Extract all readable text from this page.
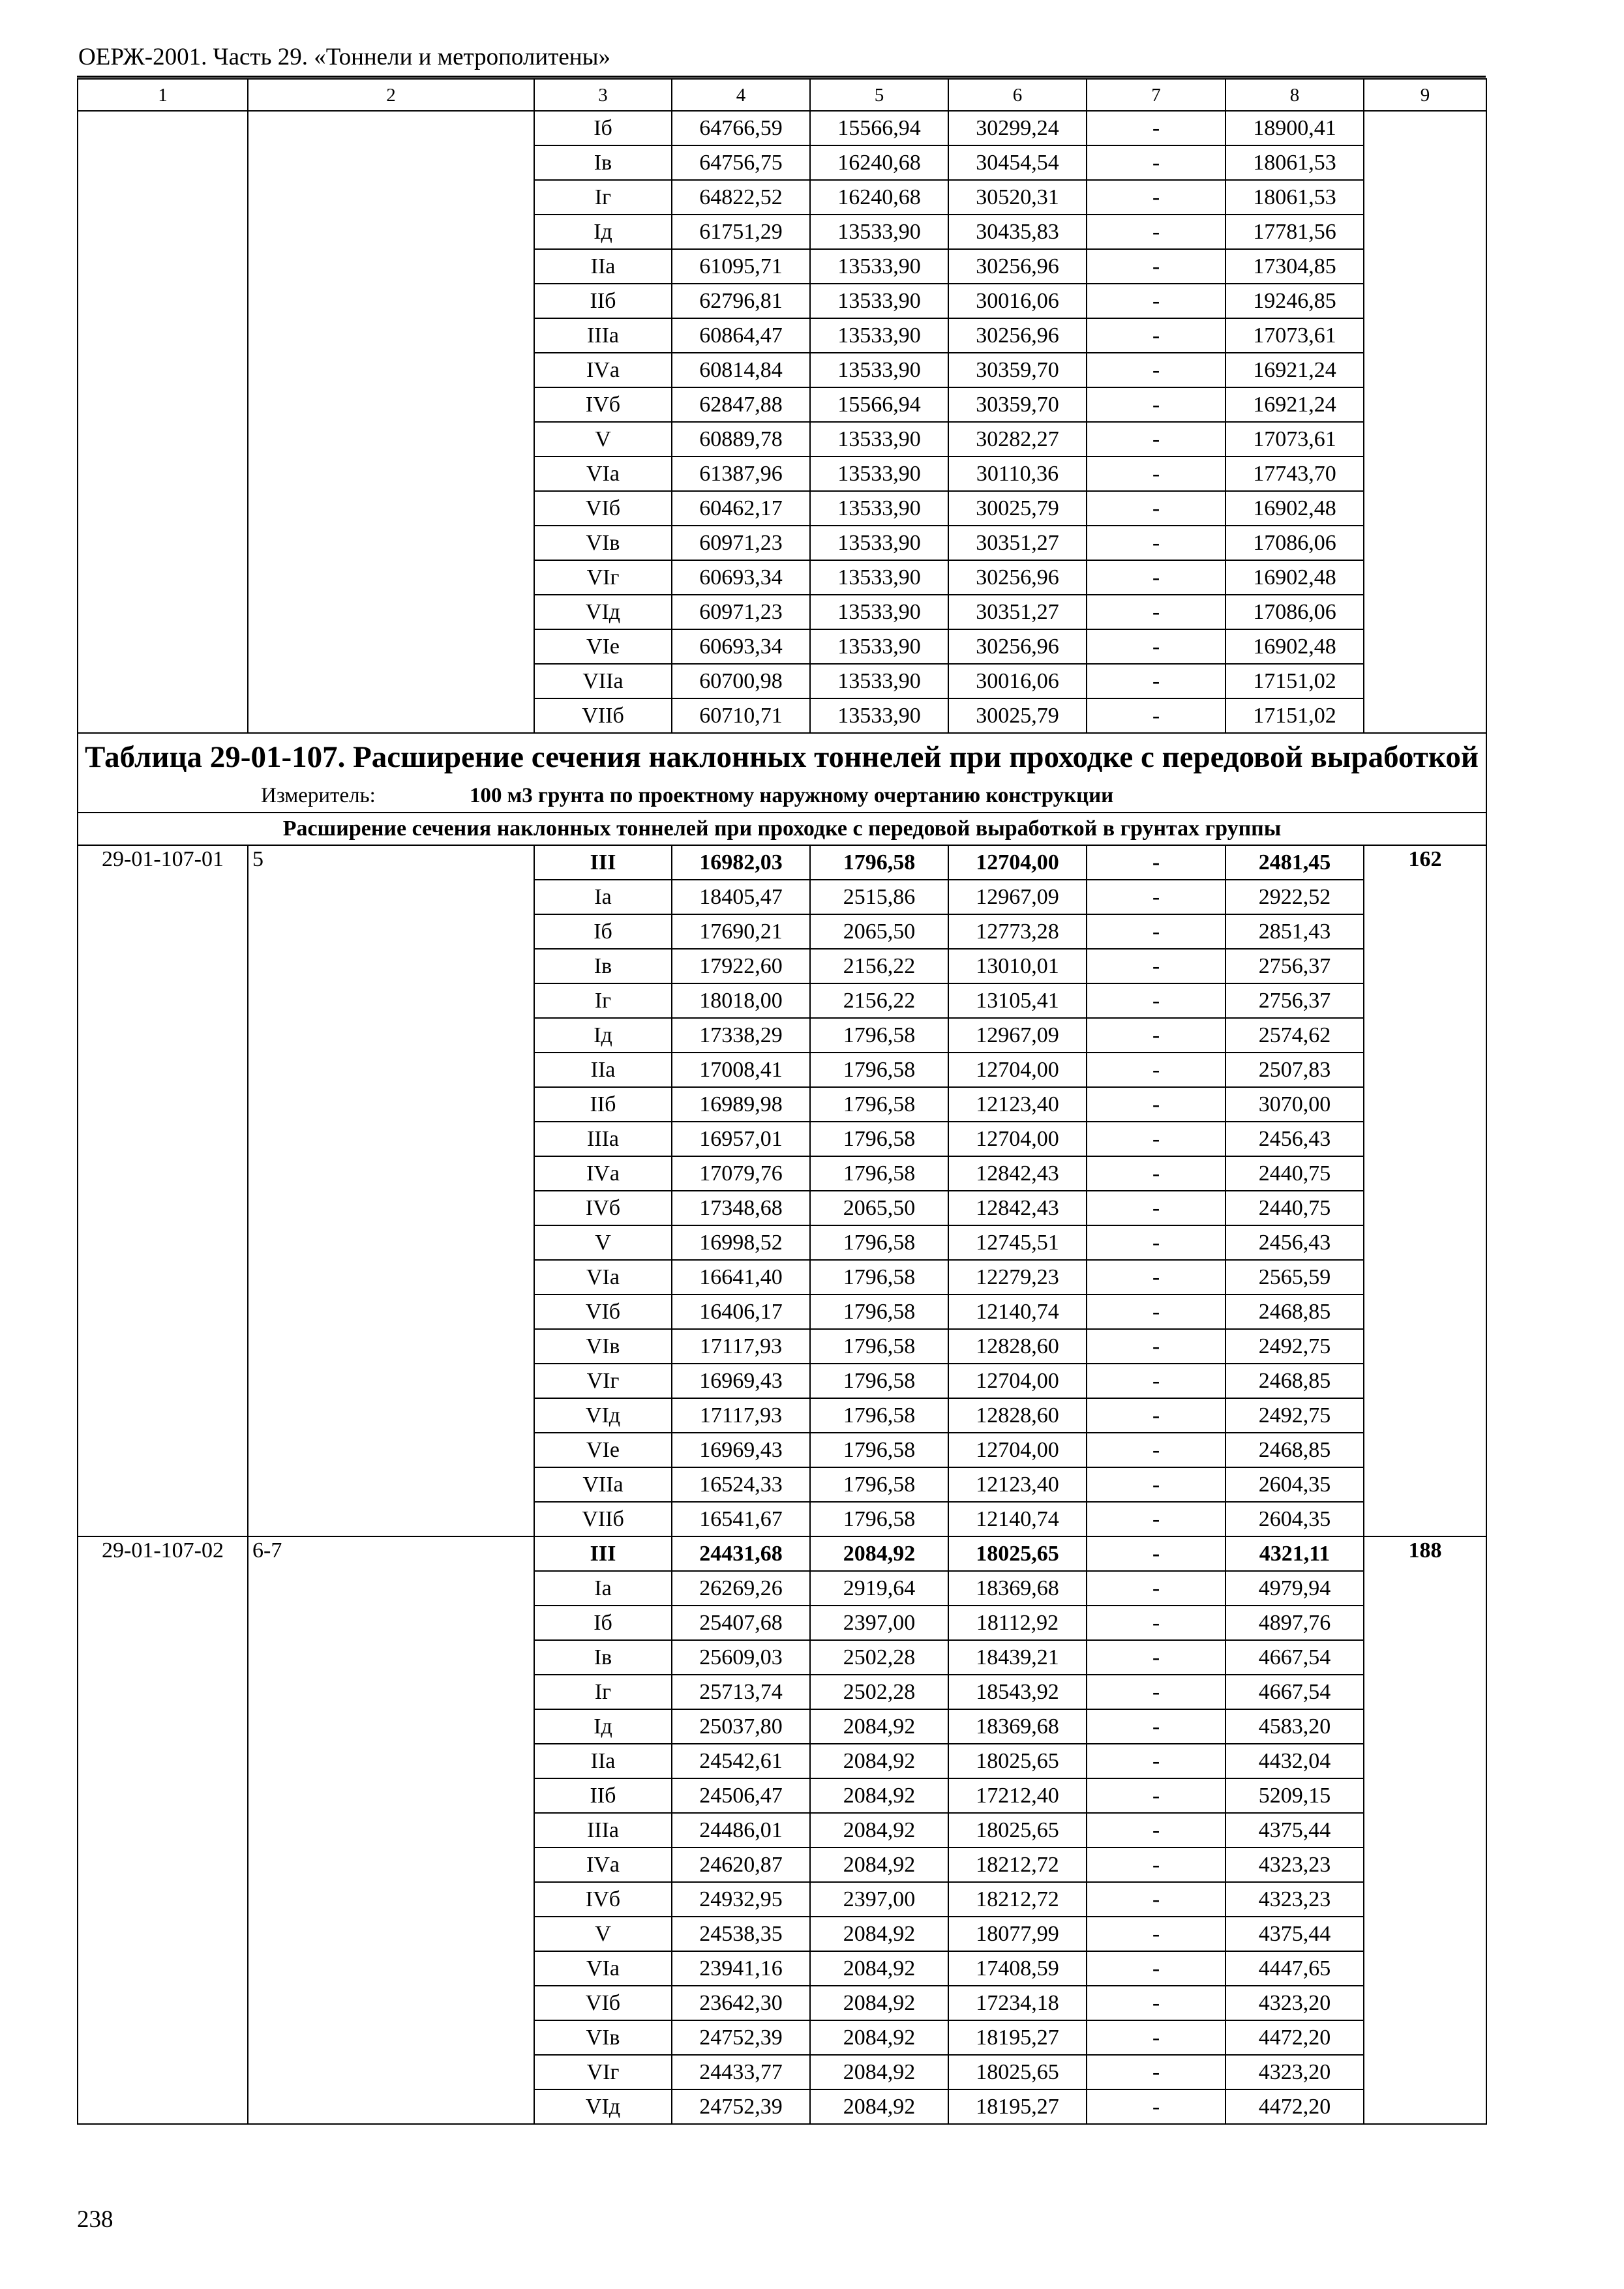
ОЕРЖ-2001. Часть 29. «Тоннели и метрополитены»
1	2	3	4	5	6	7	8	9
		Iб	64766,59	15566,94	30299,24	-	18900,41	
		Iв	64756,75	16240,68	30454,54	-	18061,53	
		Iг	64822,52	16240,68	30520,31	-	18061,53	
		Iд	61751,29	13533,90	30435,83	-	17781,56	
		IIа	61095,71	13533,90	30256,96	-	17304,85	
		IIб	62796,81	13533,90	30016,06	-	19246,85	
		IIIа	60864,47	13533,90	30256,96	-	17073,61	
		IVа	60814,84	13533,90	30359,70	-	16921,24	
		IVб	62847,88	15566,94	30359,70	-	16921,24	
		V	60889,78	13533,90	30282,27	-	17073,61	
		VIа	61387,96	13533,90	30110,36	-	17743,70	
		VIб	60462,17	13533,90	30025,79	-	16902,48	
		VIв	60971,23	13533,90	30351,27	-	17086,06	
		VIг	60693,34	13533,90	30256,96	-	16902,48	
		VIд	60971,23	13533,90	30351,27	-	17086,06	
		VIе	60693,34	13533,90	30256,96	-	16902,48	
		VIIа	60700,98	13533,90	30016,06	-	17151,02	
		VIIб	60710,71	13533,90	30025,79	-	17151,02	

Таблица 29-01-107. Расширение сечения наклонных тоннелей при проходке с передовой выработкой
Измеритель: 100 м3 грунта по проектному наружному очертанию конструкции								

Расширение сечения наклонных тоннелей при проходке с передовой выработкой в грунтах группы								
29-01-107-01	5	III	16982,03	1796,58	12704,00	-	2481,45	162
		Iа	18405,47	2515,86	12967,09	-	2922,52	
		Iб	17690,21	2065,50	12773,28	-	2851,43	
		Iв	17922,60	2156,22	13010,01	-	2756,37	
		Iг	18018,00	2156,22	13105,41	-	2756,37	
		Iд	17338,29	1796,58	12967,09	-	2574,62	
		IIа	17008,41	1796,58	12704,00	-	2507,83	
		IIб	16989,98	1796,58	12123,40	-	3070,00	
		IIIа	16957,01	1796,58	12704,00	-	2456,43	
		IVа	17079,76	1796,58	12842,43	-	2440,75	
		IVб	17348,68	2065,50	12842,43	-	2440,75	
		V	16998,52	1796,58	12745,51	-	2456,43	
		VIа	16641,40	1796,58	12279,23	-	2565,59	
		VIб	16406,17	1796,58	12140,74	-	2468,85	
		VIв	17117,93	1796,58	12828,60	-	2492,75	
		VIг	16969,43	1796,58	12704,00	-	2468,85	
		VIд	17117,93	1796,58	12828,60	-	2492,75	
		VIе	16969,43	1796,58	12704,00	-	2468,85	
		VIIа	16524,33	1796,58	12123,40	-	2604,35	
		VIIб	16541,67	1796,58	12140,74	-	2604,35	
29-01-107-02	6-7	III	24431,68	2084,92	18025,65	-	4321,11	188
		Iа	26269,26	2919,64	18369,68	-	4979,94	
		Iб	25407,68	2397,00	18112,92	-	4897,76	
		Iв	25609,03	2502,28	18439,21	-	4667,54	
		Iг	25713,74	2502,28	18543,92	-	4667,54	
		Iд	25037,80	2084,92	18369,68	-	4583,20	
		IIа	24542,61	2084,92	18025,65	-	4432,04	
		IIб	24506,47	2084,92	17212,40	-	5209,15	
		IIIа	24486,01	2084,92	18025,65	-	4375,44	
		IVа	24620,87	2084,92	18212,72	-	4323,23	
		IVб	24932,95	2397,00	18212,72	-	4323,23	
		V	24538,35	2084,92	18077,99	-	4375,44	
		VIа	23941,16	2084,92	17408,59	-	4447,65	
		VIб	23642,30	2084,92	17234,18	-	4323,20	
		VIв	24752,39	2084,92	18195,27	-	4472,20	
		VIг	24433,77	2084,92	18025,65	-	4323,20	
		VIд	24752,39	2084,92	18195,27	-	4472,20	
238
